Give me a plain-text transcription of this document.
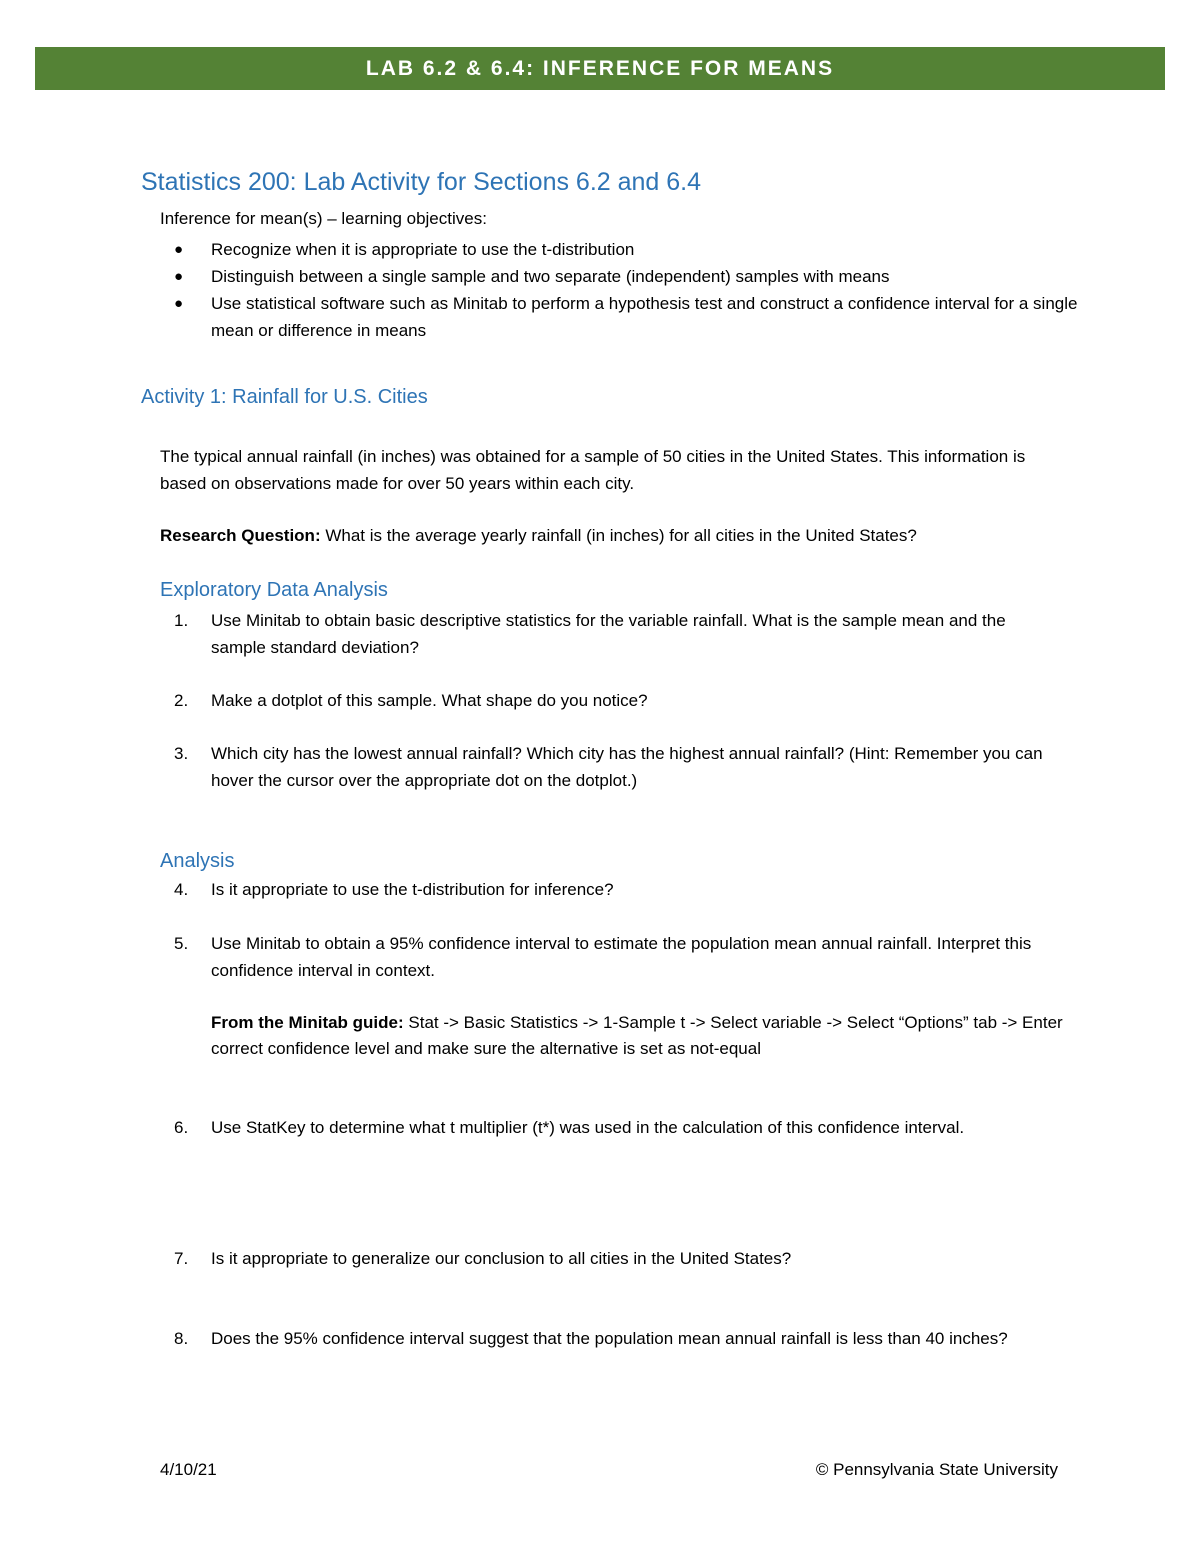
LAB 6.2 & 6.4: INFERENCE FOR MEANS
Statistics 200: Lab Activity for Sections 6.2 and 6.4
Inference for mean(s) – learning objectives:
● Recognize when it is appropriate to use the t-distribution
● Distinguish between a single sample and two separate (independent) samples with means
● Use statistical software such as Minitab to perform a hypothesis test and construct a confidence interval for a single mean or difference in means
Activity 1: Rainfall for U.S. Cities
The typical annual rainfall (in inches) was obtained for a sample of 50 cities in the United States. This information is based on observations made for over 50 years within each city.
Research Question: What is the average yearly rainfall (in inches) for all cities in the United States?
Exploratory Data Analysis
1. Use Minitab to obtain basic descriptive statistics for the variable rainfall. What is the sample mean and the sample standard deviation?
2. Make a dotplot of this sample. What shape do you notice?
3. Which city has the lowest annual rainfall? Which city has the highest annual rainfall? (Hint: Remember you can hover the cursor over the appropriate dot on the dotplot.)
Analysis
4. Is it appropriate to use the t-distribution for inference?
5. Use Minitab to obtain a 95% confidence interval to estimate the population mean annual rainfall. Interpret this confidence interval in context.
From the Minitab guide: Stat -> Basic Statistics -> 1-Sample t -> Select variable -> Select “Options” tab -> Enter correct confidence level and make sure the alternative is set as not-equal
6. Use StatKey to determine what t multiplier (t*) was used in the calculation of this confidence interval.
7. Is it appropriate to generalize our conclusion to all cities in the United States?
8. Does the 95% confidence interval suggest that the population mean annual rainfall is less than 40 inches?
4/10/21	© Pennsylvania State University
